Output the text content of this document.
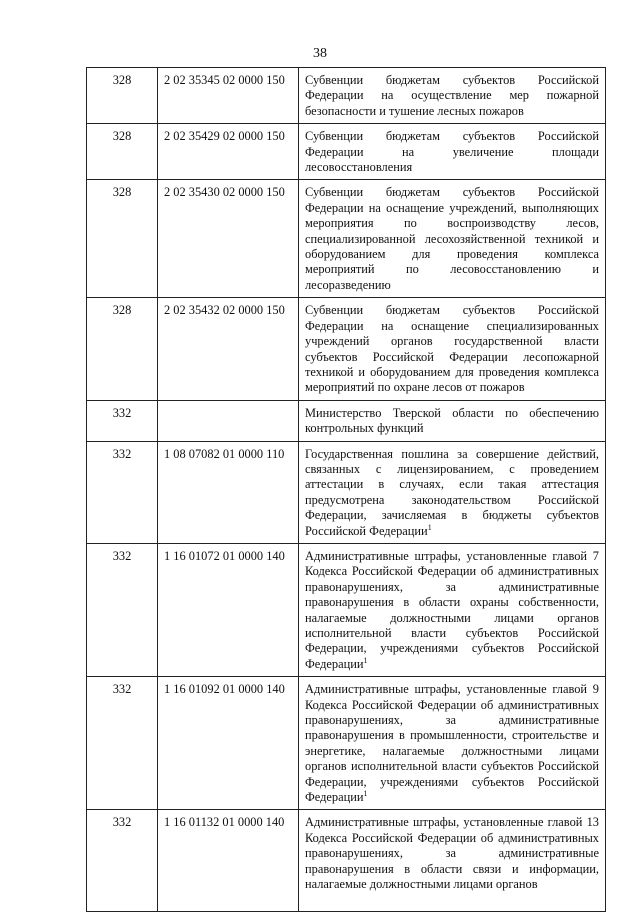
38
328	2 02 35345 02 0000 150	Субвенции бюджетам субъектов Российской Федерации на осуществление мер пожарной безопасности и тушение лесных пожаров
328	2 02 35429 02 0000 150	Субвенции бюджетам субъектов Российской Федерации на увеличение площади лесовосстановления
328	2 02 35430 02 0000 150	Субвенции бюджетам субъектов Российской Федерации на оснащение учреждений, выполняющих мероприятия по воспроизводству лесов, специализированной лесохозяйственной техникой и оборудованием для проведения комплекса мероприятий по лесовосстановлению и лесоразведению
328	2 02 35432 02 0000 150	Субвенции бюджетам субъектов Российской Федерации на оснащение специализированных учреждений органов государственной власти субъектов Российской Федерации лесопожарной техникой и оборудованием для проведения комплекса мероприятий по охране лесов от пожаров
332		Министерство Тверской области по обеспечению контрольных функций
332	1 08 07082 01 0000 110	Государственная пошлина за совершение действий, связанных с лицензированием, с проведением аттестации в случаях, если такая аттестация предусмотрена законодательством Российской Федерации, зачисляемая в бюджеты субъектов Российской Федерации$^1$
332	1 16 01072 01 0000 140	Административные штрафы, установленные главой 7 Кодекса Российской Федерации об административных правонарушениях, за административные правонарушения в области охраны собственности, налагаемые должностными лицами органов исполнительной власти субъектов Российской Федерации, учреждениями субъектов Российской Федерации$^1$
332	1 16 01092 01 0000 140	Административные штрафы, установленные главой 9 Кодекса Российской Федерации об административных правонарушениях, за административные правонарушения в промышленности, строительстве и энергетике, налагаемые должностными лицами органов исполнительной власти субъектов Российской Федерации, учреждениями субъектов Российской Федерации$^1$
332	1 16 01132 01 0000 140	Административные штрафы, установленные главой 13 Кодекса Российской Федерации об административных правонарушениях, за административные правонарушения в области связи и информации, налагаемые должностными лицами органов
